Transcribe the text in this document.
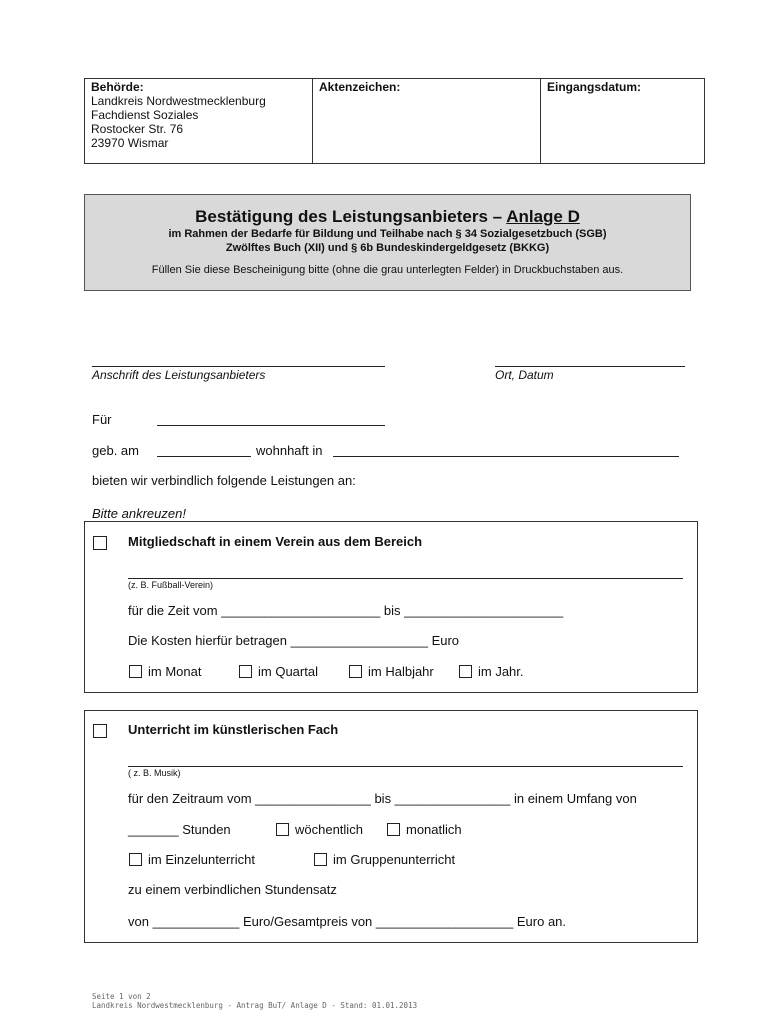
Behörde:
Landkreis Nordwestmecklenburg
Fachdienst Soziales
Rostocker Str. 76
23970 Wismar
Aktenzeichen:	Eingangsdatum:
Bestätigung des Leistungsanbieters – Anlage D
im Rahmen der Bedarfe für Bildung und Teilhabe nach § 34 Sozialgesetzbuch (SGB)
Zwölftes Buch (XII) und § 6b Bundeskindergeldgesetz (BKKG)
Füllen Sie diese Bescheinigung bitte (ohne die grau unterlegten Felder) in Druckbuchstaben aus.
Anschrift des Leistungsanbieters	Ort, Datum
Für
geb. am	wohnhaft in
bieten wir verbindlich folgende Leistungen an:
Bitte ankreuzen!
Mitgliedschaft in einem Verein aus dem Bereich
(z. B. Fußball-Verein)
für die Zeit vom ______________________ bis ______________________
Die Kosten hierfür betragen ___________________ Euro
im Monat	im Quartal	im Halbjahr	im Jahr.
Unterricht im künstlerischen Fach
( z. B. Musik)
für den Zeitraum vom ________________ bis ________________ in einem Umfang von
_______ Stunden	wöchentlich	monatlich
im Einzelunterricht	im Gruppenunterricht
zu einem verbindlichen Stundensatz
von ____________ Euro/Gesamtpreis von ___________________ Euro an.
Seite 1 von 2
Landkreis Nordwestmecklenburg - Antrag BuT/ Anlage D - Stand: 01.01.2013
